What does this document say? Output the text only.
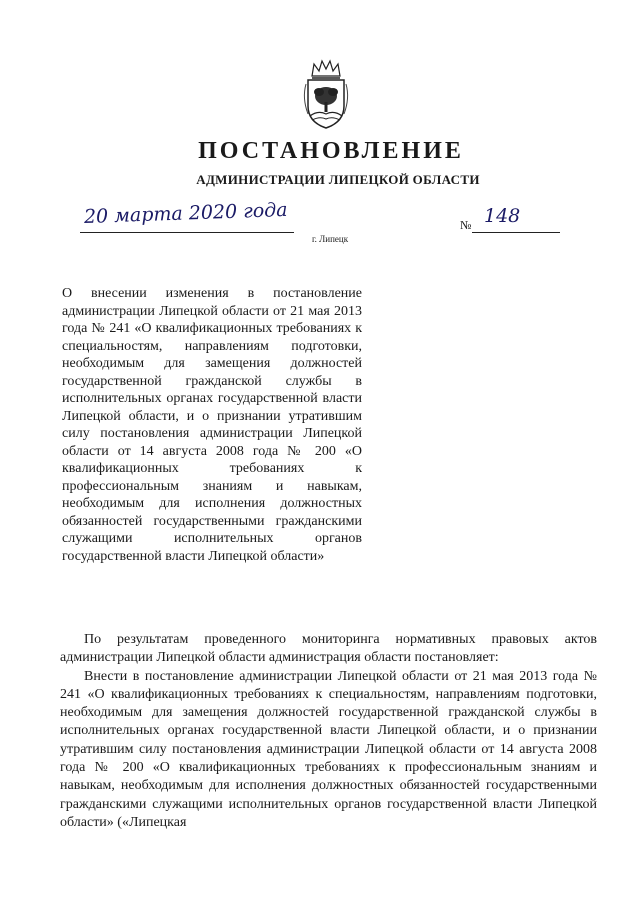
ПОСТАНОВЛЕНИЕ
АДМИНИСТРАЦИИ ЛИПЕЦКОЙ ОБЛАСТИ
20 марта 2020 года
г. Липецк
№ 148
О внесении изменения в постановление администрации Липецкой области от 21 мая 2013 года № 241 «О квалификационных требованиях к специальностям, направлениям подготовки, необходимым для замещения должностей государственной гражданской службы в исполнительных органах государственной власти Липецкой области, и о признании утратившим силу постановления администрации Липецкой области от 14 августа 2008 года № 200 «О квалификационных требованиях к профессиональным знаниям и навыкам, необходимым для исполнения должностных обязанностей государственными гражданскими служащими исполнительных органов государственной власти Липецкой области»

По результатам проведенного мониторинга нормативных правовых актов администрации Липецкой области администрация области постановляет:

Внести в постановление администрации Липецкой области от 21 мая 2013 года № 241 «О квалификационных требованиях к специальностям, направлениям подготовки, необходимым для замещения должностей государственной гражданской службы в исполнительных органах государственной власти Липецкой области, и о признании утратившим силу постановления администрации Липецкой области от 14 августа 2008 года № 200 «О квалификационных требованиях к профессиональным знаниям и навыкам, необходимым для исполнения должностных обязанностей государственными гражданскими служащими исполнительных органов государственной власти Липецкой области» («Липецкая
